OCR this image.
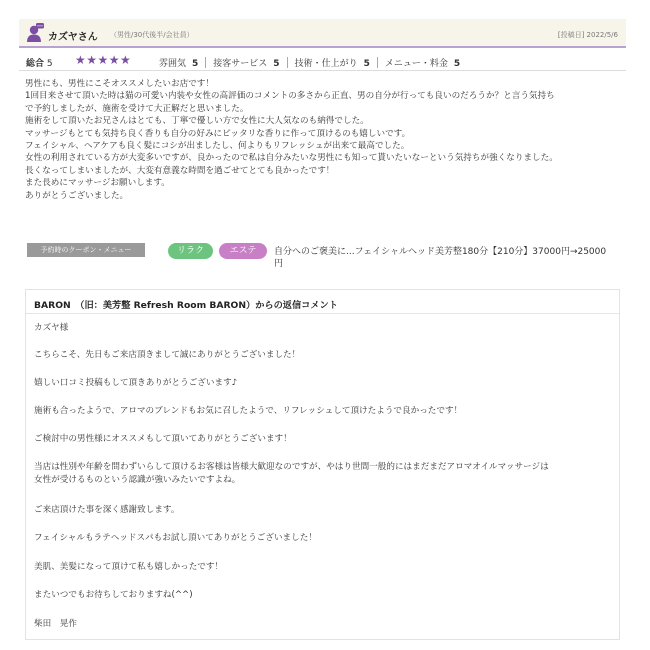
カズヤさん （男性/30代後半/会社員）	[投稿日] 2022/5/6
総合 5 ★★★★★	雰囲気 5 接客サービス 5 技術・仕上がり 5 メニュー・料金 5
男性にも、男性にこそオススメしたいお店です！
1回目来させて頂いた時は猫の可愛い内装や女性の高評価のコメントの多さから正直、男の自分が行っても良いのだろうか？と言う気持ち
で予約しましたが、施術を受けて大正解だと思いました。
施術をして頂いたお兄さんはとても、丁寧で優しい方で女性に大人気なのも納得でした。
マッサージもとても気持ち良く香りも自分の好みにピッタリな香りに作って頂けるのも嬉しいです。
フェイシャル、ヘアケアも良く髪にコシが出ましたし、何よりもリフレッシュが出来て最高でした。
女性の利用されている方が大変多いですが、良かったので私は自分みたいな男性にも知って貰いたいなーという気持ちが強くなりました。
長くなってしまいましたが、大変有意義な時間を過ごせてとても良かったです！
また長めにマッサージお願いします。
ありがとうございました。
予約時のクーポン・メニュー	リラク	エステ	自分へのご褒美に...フェイシャルヘッド美芳整180分【210分】37000円→25000
円
BARON　（旧：美芳整 Refresh Room BARON）からの返信コメント
カズヤ様
こちらこそ、先日もご来店頂きまして誠にありがとうございました！
嬉しい口コミ投稿もして頂きありがとうございます♪
施術も合ったようで、アロマのブレンドもお気に召したようで、リフレッシュして頂けたようで良かったです！
ご検討中の男性様にオススメもして頂いてありがとうございます！
当店は性別や年齢を問わずいらして頂けるお客様は皆様大歓迎なのですが、やはり世間一般的にはまだまだアロマオイルマッサージは
女性が受けるものという認識が強いみたいですよね。
ご来店頂けた事を深く感謝致します。
フェイシャルもラテヘッドスパもお試し頂いてありがとうございました！
美肌、美髪になって頂けて私も嬉しかったです！
またいつでもお待ちしておりますね(^^)
柴田　晃作
